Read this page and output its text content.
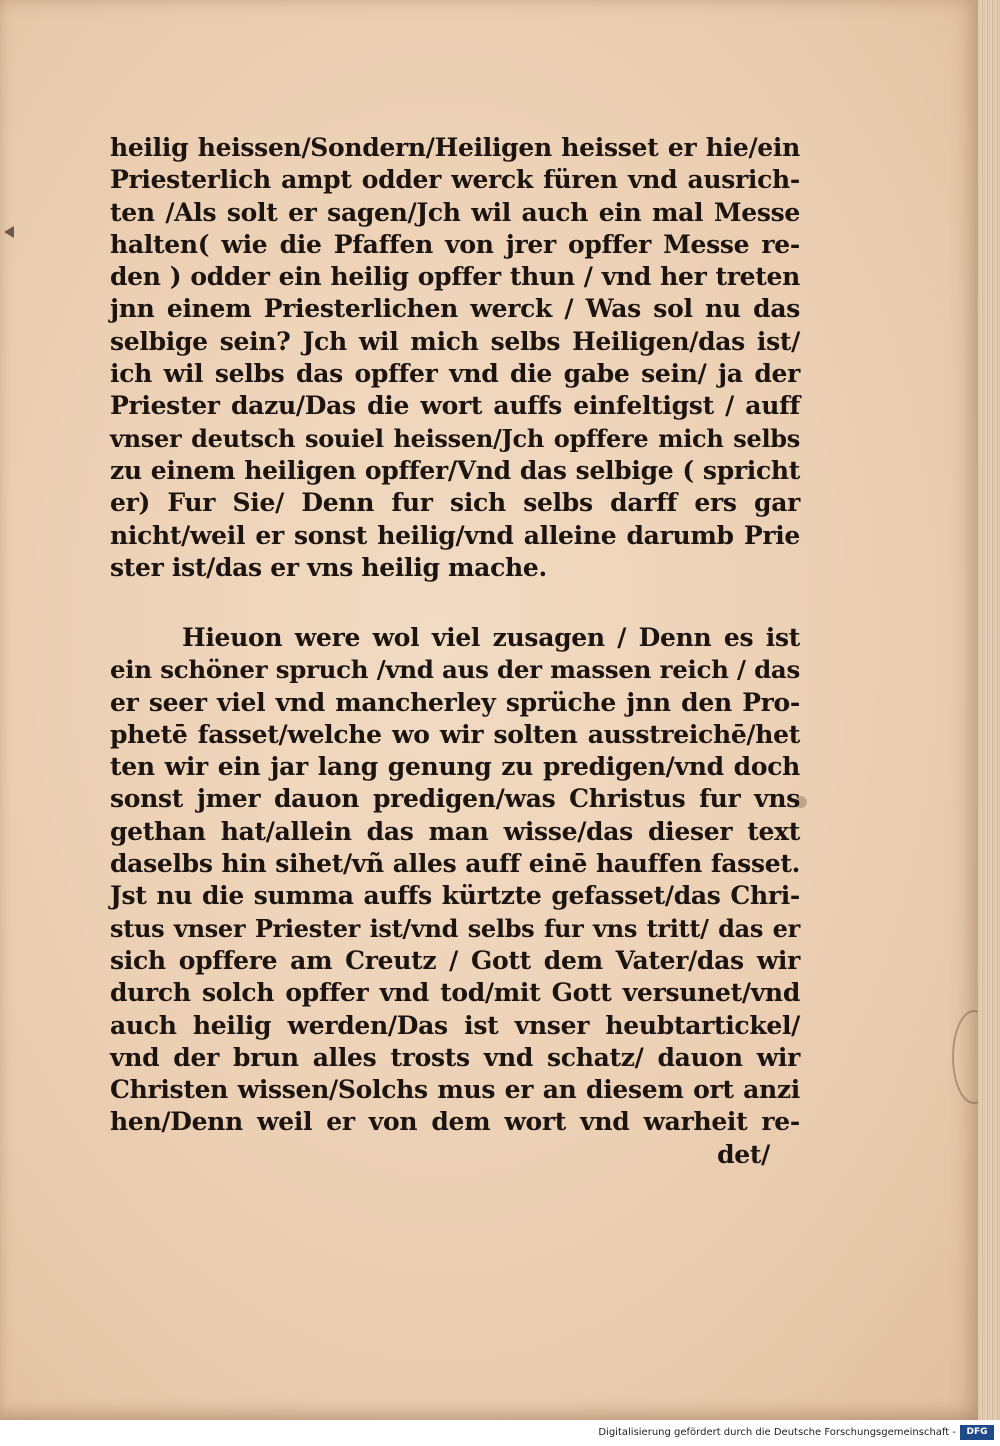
heilig heissen/Sondern/Heiligen heisset er hie/ein
Priesterlich ampt odder werck füren vnd ausrich-
ten /Als solt er sagen/Jch wil auch ein mal Messe
halten( wie die Pfaffen von jrer opffer Messe re-
den ) odder ein heilig opffer thun / vnd her treten
jnn einem Priesterlichen werck / Was sol nu das
selbige sein? Jch wil mich selbs Heiligen/das ist/
ich wil selbs das opffer vnd die gabe sein/ ja der
Priester dazu/Das die wort auffs einfeltigst / auff
vnser deutsch souiel heissen/Jch opffere mich selbs
zu einem heiligen opffer/Vnd das selbige ( spricht
er) Fur Sie/ Denn fur sich selbs darff ers gar
nicht/weil er sonst heilig/vnd alleine darumb Prie
ster ist/das er vns heilig mache.
Hieuon were wol viel zusagen / Denn es ist
ein schöner spruch /vnd aus der massen reich / das
er seer viel vnd mancherley sprüche jnn den Pro-
phetē fasset/welche wo wir solten ausstreichē/het
ten wir ein jar lang genung zu predigen/vnd doch
sonst jmer dauon predigen/was Christus fur vns
gethan hat/allein das man wisse/das dieser text
daselbs hin sihet/vñ alles auff einē hauffen fasset.
Jst nu die summa auffs kürtzte gefasset/das Chri-
stus vnser Priester ist/vnd selbs fur vns tritt/ das er
sich opffere am Creutz / Gott dem Vater/das wir
durch solch opffer vnd tod/mit Gott versunet/vnd
auch heilig werden/Das ist vnser heubtartickel/
vnd der brun alles trosts vnd schatz/ dauon wir
Christen wissen/Solchs mus er an diesem ort anzi
hen/Denn weil er von dem wort vnd warheit re-
det/
Digitalisierung gefördert durch die Deutsche Forschungsgemeinschaft -	DFG
